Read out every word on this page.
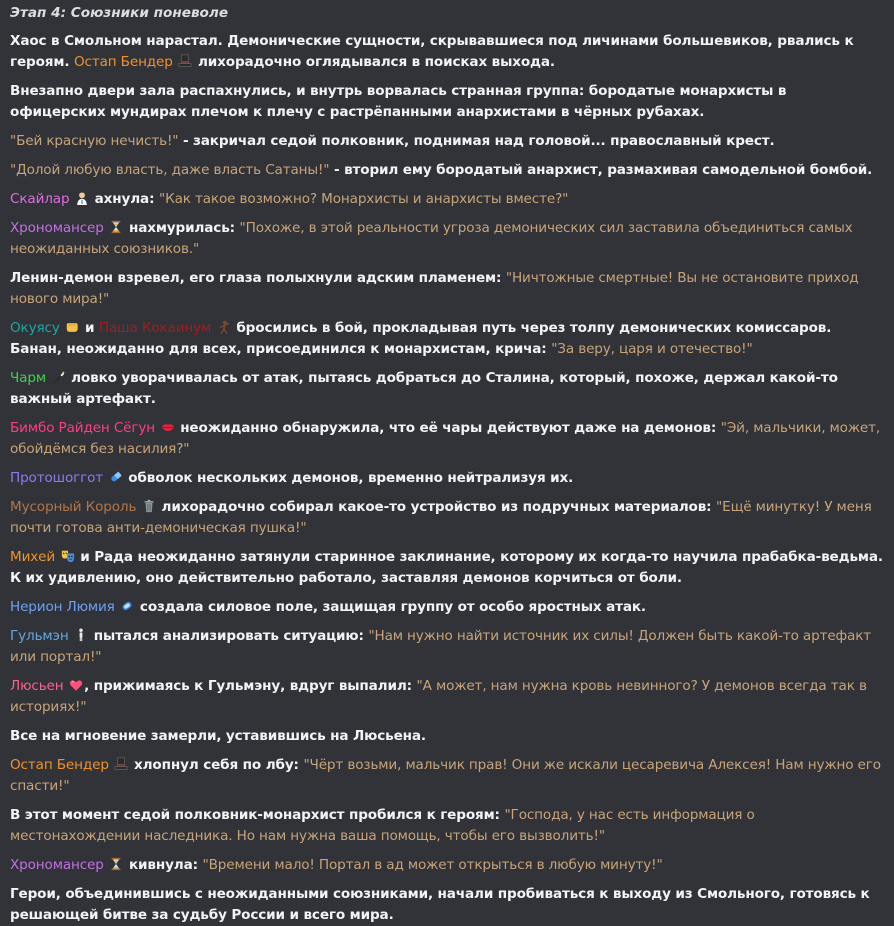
Этап 4: Союзники поневоле
Хаос в Смольном нарастал. Демонические сущности, скрывавшиеся под личинами большевиков, рвались к героям. Остап Бендер лихорадочно оглядывался в поисках выхода.
Внезапно двери зала распахнулись, и внутрь ворвалась странная группа: бородатые монархисты в офицерских мундирах плечом к плечу с растрёпанными анархистами в чёрных рубахах.
"Бей красную нечисть!" - закричал седой полковник, поднимая над головой... православный крест.
"Долой любую власть, даже власть Сатаны!" - вторил ему бородатый анархист, размахивая самодельной бомбой.
Скайлар ахнула: "Как такое возможно? Монархисты и анархисты вместе?"
Хрономансер нахмурилась: "Похоже, в этой реальности угроза демонических сил заставила объединиться самых неожиданных союзников."
Ленин-демон взревел, его глаза полыхнули адским пламенем: "Ничтожные смертные! Вы не остановите приход нового мира!"
Окуясу и Паша Кокаинум бросились в бой, прокладывая путь через толпу демонических комиссаров. Банан, неожиданно для всех, присоединился к монархистам, крича: "За веру, царя и отечество!"
Чарм ловко уворачивалась от атак, пытаясь добраться до Сталина, который, похоже, держал какой-то важный артефакт.
Бимбо Райден Сёгун неожиданно обнаружила, что её чары действуют даже на демонов: "Эй, мальчики, может, обойдёмся без насилия?"
Протошоггот обволок нескольких демонов, временно нейтрализуя их.
Мусорный Король лихорадочно собирал какое-то устройство из подручных материалов: "Ещё минутку! У меня почти готова анти-демоническая пушка!"
Михей и Рада неожиданно затянули старинное заклинание, которому их когда-то научила прабабка-ведьма. К их удивлению, оно действительно работало, заставляя демонов корчиться от боли.
Нерион Люмия создала силовое поле, защищая группу от особо яростных атак.
Гульмэн пытался анализировать ситуацию: "Нам нужно найти источник их силы! Должен быть какой-то артефакт или портал!"
Люсьен , прижимаясь к Гульмэну, вдруг выпалил: "А может, нам нужна кровь невинного? У демонов всегда так в историях!"
Все на мгновение замерли, уставившись на Люсьена.
Остап Бендер хлопнул себя по лбу: "Чёрт возьми, мальчик прав! Они же искали цесаревича Алексея! Нам нужно его спасти!"
В этот момент седой полковник-монархист пробился к героям: "Господа, у нас есть информация о местонахождении наследника. Но нам нужна ваша помощь, чтобы его вызволить!"
Хрономансер кивнула: "Времени мало! Портал в ад может открыться в любую минуту!"
Герои, объединившись с неожиданными союзниками, начали пробиваться к выходу из Смольного, готовясь к решающей битве за судьбу России и всего мира.
